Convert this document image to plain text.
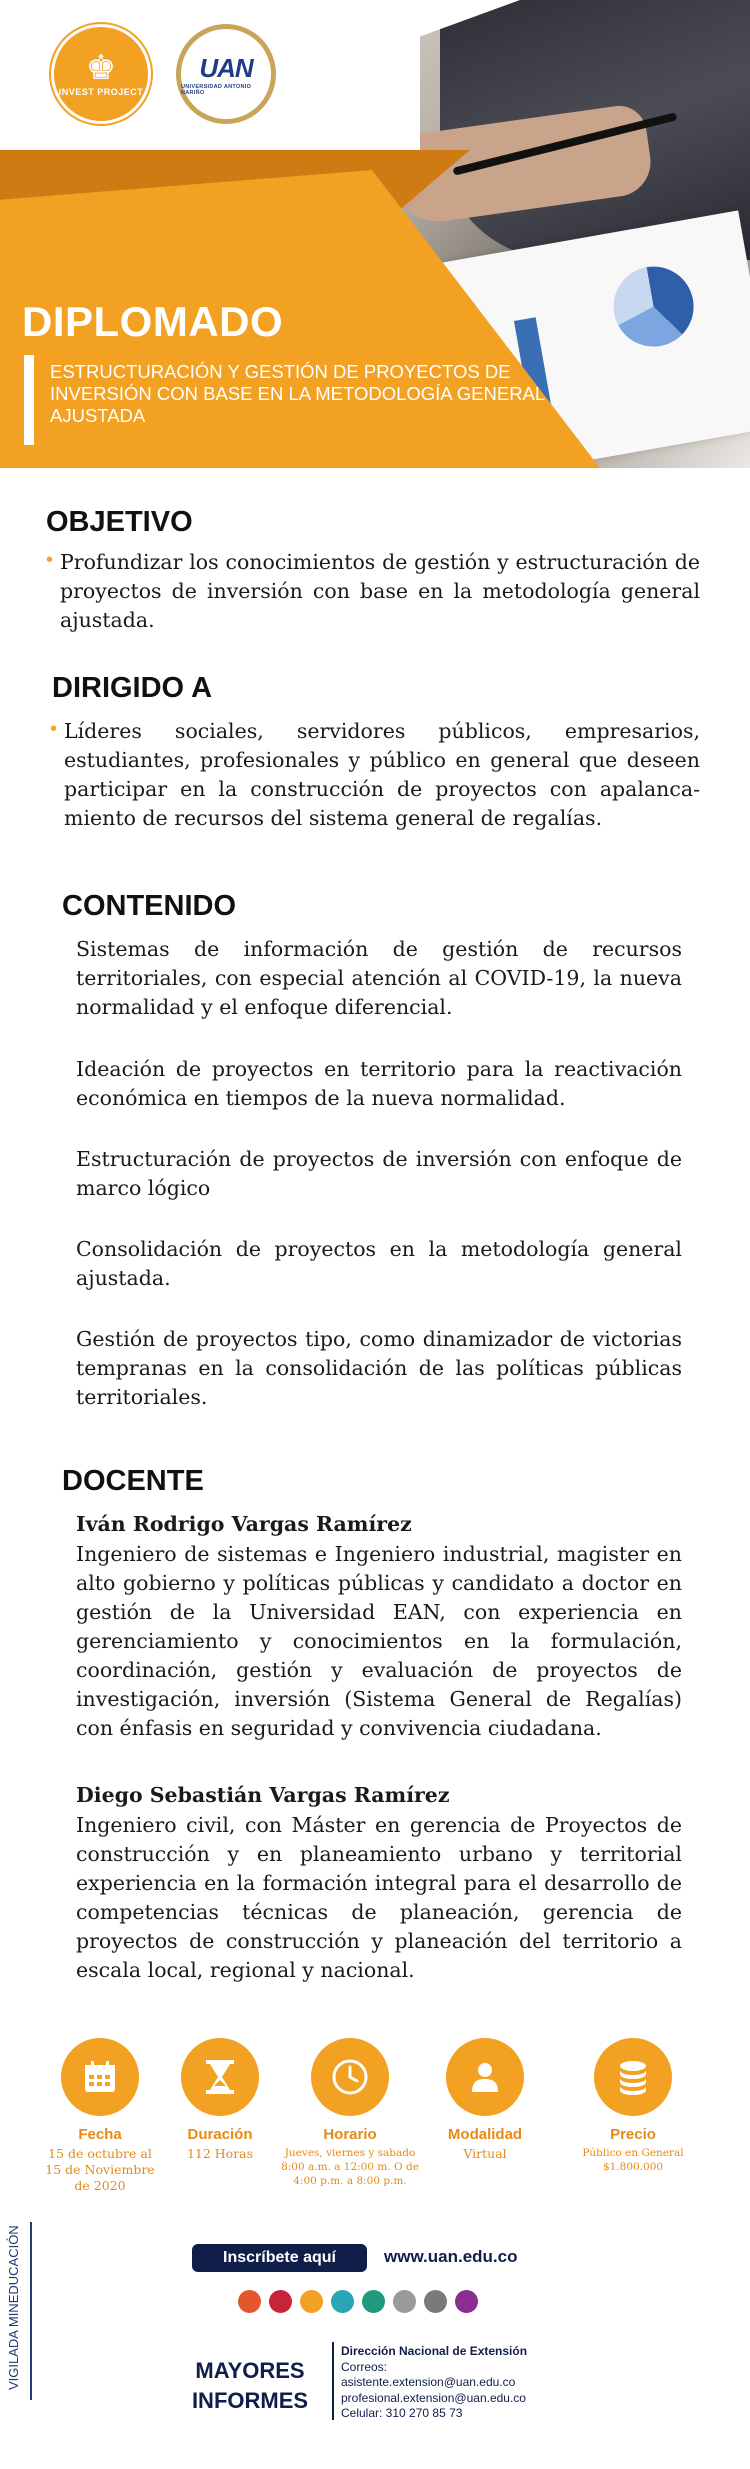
♚
INVEST PROJECT
UAN
UNIVERSIDAD ANTONIO NARIÑO
DIPLOMADO
ESTRUCTURACIÓN Y GESTIÓN DE PROYECTOS DE INVERSIÓN CON BASE EN LA METODOLOGÍA GENERAL AJUSTADA
OBJETIVO
• Profundizar los conocimientos de gestión y estructuración de proyectos de inversión con base en la metodología general ajustada.
DIRIGIDO A
• Líderes sociales, servidores públicos, empresarios, estudiantes, profesionales y público en general que deseen participar en la construcción de proyectos con apalanca-miento de recursos del sistema general de regalías.
CONTENIDO
Sistemas de información de gestión de recursos territoriales, con especial atención al COVID-19, la nueva normalidad y el enfoque diferencial.
Ideación de proyectos en territorio para la reactivación económica en tiempos de la nueva normalidad.
Estructuración de proyectos de inversión con enfoque de marco lógico
Consolidación de proyectos en la metodología general ajustada.
Gestión de proyectos tipo, como dinamizador de victorias tempranas en la consolidación de las políticas públicas territoriales.
DOCENTE
Iván Rodrigo Vargas Ramírez
Ingeniero de sistemas e Ingeniero industrial, magister en alto gobierno y políticas públicas y candidato a doctor en gestión de la Universidad EAN, con experiencia en gerenciamiento y conocimientos en la formulación, coordinación, gestión y evaluación de proyectos de investigación, inversión (Sistema General de Regalías) con énfasis en seguridad y convivencia ciudadana.
Diego Sebastián Vargas Ramírez
Ingeniero civil, con Máster en gerencia de Proyectos de construcción y en planeamiento urbano y territorial experiencia en la formación integral para el desarrollo de competencias técnicas de planeación, gerencia de proyectos de construcción y planeación del territorio a escala local, regional y nacional.
Fecha
15 de octubre al 15 de Noviembre de 2020
Duración
112 Horas
Horario
Jueves, viernes y sabado 8:00 a.m. a 12:00 m. O de 4:00 p.m. a 8:00 p.m.
Modalidad
Virtual
Precio
Público en General $1.800.000
VIGILADA MINEDUCACIÓN	Inscríbete aquí	www.uan.edu.co
MAYORES INFORMES
Dirección Nacional de Extensión
Correos:
asistente.extension@uan.edu.co
profesional.extension@uan.edu.co
Celular: 310 270 85 73
